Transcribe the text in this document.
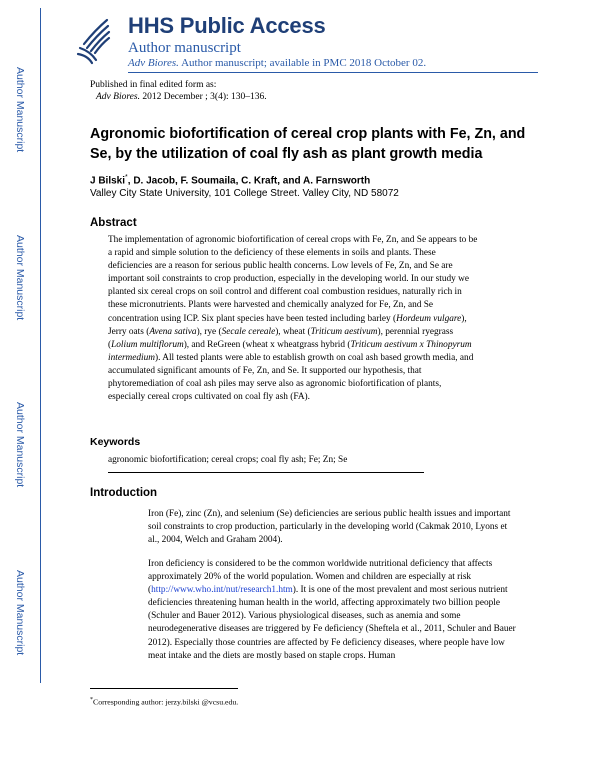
Author Manuscript
Author Manuscript
Author Manuscript
Author Manuscript
HHS Public Access
Author manuscript
Adv Biores. Author manuscript; available in PMC 2018 October 02.
Published in final edited form as:
Adv Biores. 2012 December ; 3(4): 130–136.
Agronomic biofortification of cereal crop plants with Fe, Zn, and Se, by the utilization of coal fly ash as plant growth media
J Bilski*, D. Jacob, F. Soumaila, C. Kraft, and A. Farnsworth
Valley City State University, 101 College Street. Valley City, ND 58072
Abstract
The implementation of agronomic biofortification of cereal crops with Fe, Zn, and Se appears to be a rapid and simple solution to the deficiency of these elements in soils and plants. These deficiencies are a reason for serious public health concerns. Low levels of Fe, Zn, and Se are important soil constraints to crop production, especially in the developing world. In our study we planted six cereal crops on soil control and different coal combustion residues, naturally rich in these micronutrients. Plants were harvested and chemically analyzed for Fe, Zn, and Se concentration using ICP. Six plant species have been tested including barley (Hordeum vulgare), Jerry oats (Avena sativa), rye (Secale cereale), wheat (Triticum aestivum), perennial ryegrass (Lolium multiflorum), and ReGreen (wheat x wheatgrass hybrid (Triticum aestivum x Thinopyrum intermedium). All tested plants were able to establish growth on coal ash based growth media, and accumulated significant amounts of Fe, Zn, and Se. It supported our hypothesis, that phytoremediation of coal ash piles may serve also as agronomic biofortification of plants, especially cereal crops cultivated on coal fly ash (FA).
Keywords
agronomic biofortification; cereal crops; coal fly ash; Fe; Zn; Se
Introduction
Iron (Fe), zinc (Zn), and selenium (Se) deficiencies are serious public health issues and important soil constraints to crop production, particularly in the developing world (Cakmak 2010, Lyons et al., 2004, Welch and Graham 2004).
Iron deficiency is considered to be the common worldwide nutritional deficiency that affects approximately 20% of the world population. Women and children are especially at risk (http://www.who.int/nut/research1.htm). It is one of the most prevalent and most serious nutrient deficiencies threatening human health in the world, affecting approximately two billion people (Schuler and Bauer 2012). Various physiological diseases, such as anemia and some neurodegenerative diseases are triggered by Fe deficiency (Sheftela et al., 2011, Schuler and Bauer 2012). Especially those countries are affected by Fe deficiency diseases, where people have low meat intake and the diets are mostly based on staple crops. Human
*Corresponding author: jerzy.bilski @vcsu.edu.
